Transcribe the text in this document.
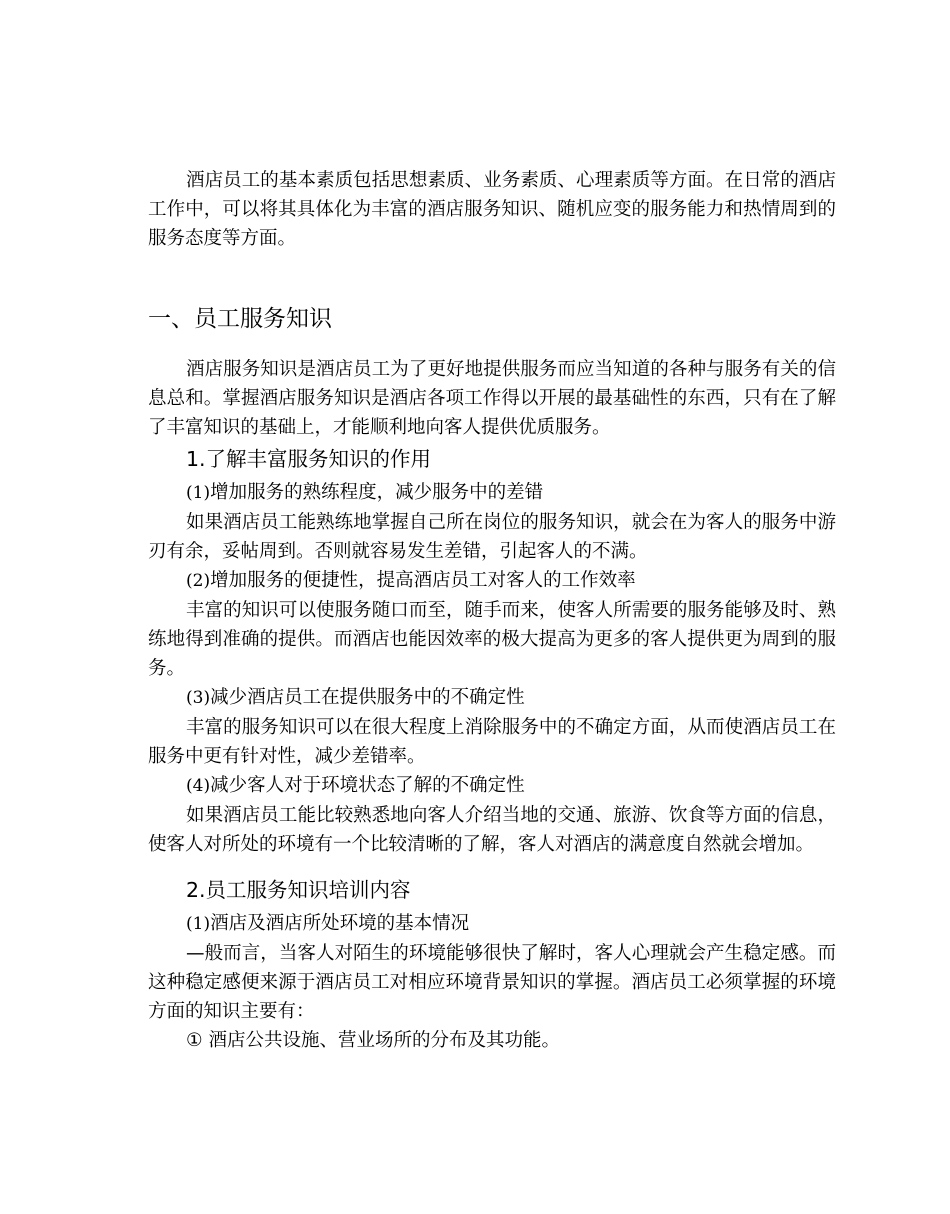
酒店员工的基本素质包括思想素质、业务素质、心理素质等方面。在日常的酒店工作中，可以将其具体化为丰富的酒店服务知识、随机应变的服务能力和热情周到的服务态度等方面。

一、员工服务知识

酒店服务知识是酒店员工为了更好地提供服务而应当知道的各种与服务有关的信息总和。掌握酒店服务知识是酒店各项工作得以开展的最基础性的东西，只有在了解了丰富知识的基础上，才能顺利地向客人提供优质服务。

1.了解丰富服务知识的作用
(1)增加服务的熟练程度，减少服务中的差错

如果酒店员工能熟练地掌握自己所在岗位的服务知识，就会在为客人的服务中游刃有余，妥帖周到。否则就容易发生差错，引起客人的不满。

(2)增加服务的便捷性，提高酒店员工对客人的工作效率

丰富的知识可以使服务随口而至，随手而来，使客人所需要的服务能够及时、熟练地得到准确的提供。而酒店也能因效率的极大提高为更多的客人提供更为周到的服务。

(3)减少酒店员工在提供服务中的不确定性

丰富的服务知识可以在很大程度上消除服务中的不确定方面，从而使酒店员工在服务中更有针对性，减少差错率。

(4)减少客人对于环境状态了解的不确定性

如果酒店员工能比较熟悉地向客人介绍当地的交通、旅游、饮食等方面的信息，使客人对所处的环境有一个比较清晰的了解，客人对酒店的满意度自然就会增加。

2.员工服务知识培训内容
(1)酒店及酒店所处环境的基本情况

—般而言，当客人对陌生的环境能够很快了解时，客人心理就会产生稳定感。而这种稳定感便来源于酒店员工对相应环境背景知识的掌握。酒店员工必须掌握的环境方面的知识主要有：

① 酒店公共设施、营业场所的分布及其功能。
